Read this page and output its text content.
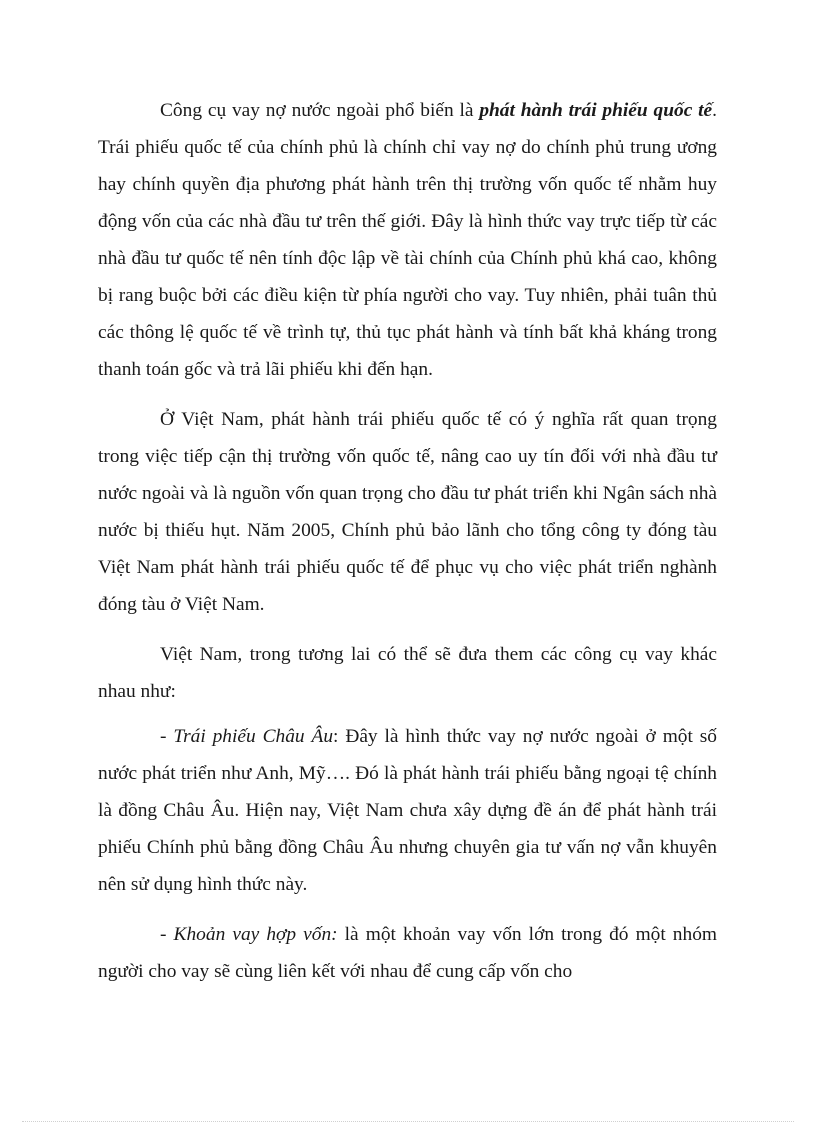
Công cụ vay nợ nước ngoài phổ biến là phát hành trái phiếu quốc tế. Trái phiếu quốc tế của chính phủ là chính chỉ vay nợ do chính phủ trung ương hay chính quyền địa phương phát hành trên thị trường vốn quốc tế nhằm huy động vốn của các nhà đầu tư trên thế giới. Đây là hình thức vay trực tiếp từ các nhà đầu tư quốc tế nên tính độc lập về tài chính của Chính phủ khá cao, không bị rang buộc bởi các điều kiện từ phía người cho vay. Tuy nhiên, phải tuân thủ các thông lệ quốc tế về trình tự, thủ tục phát hành và tính bất khả kháng trong thanh toán gốc và trả lãi phiếu khi đến hạn.

Ở Việt Nam, phát hành trái phiếu quốc tế có ý nghĩa rất quan trọng trong việc tiếp cận thị trường vốn quốc tế, nâng cao uy tín đối với nhà đầu tư nước ngoài và là nguồn vốn quan trọng cho đầu tư phát triển khi Ngân sách nhà nước bị thiếu hụt. Năm 2005, Chính phủ bảo lãnh cho tổng công ty đóng tàu Việt Nam phát hành trái phiếu quốc tế để phục vụ cho việc phát triển nghành đóng tàu ở Việt Nam.

Việt Nam, trong tương lai có thể sẽ đưa them các công cụ vay khác nhau như:

- Trái phiếu Châu Âu: Đây là hình thức vay nợ nước ngoài ở một số nước phát triển như Anh, Mỹ…. Đó là phát hành trái phiếu bằng ngoại tệ chính là đồng Châu Âu. Hiện nay, Việt Nam chưa xây dựng đề án để phát hành trái phiếu Chính phủ bằng đồng Châu Âu nhưng chuyên gia tư vấn nợ vẫn khuyên nên sử dụng hình thức này.

- Khoản vay hợp vốn: là một khoản vay vốn lớn trong đó một nhóm người cho vay sẽ cùng liên kết với nhau để cung cấp vốn cho
